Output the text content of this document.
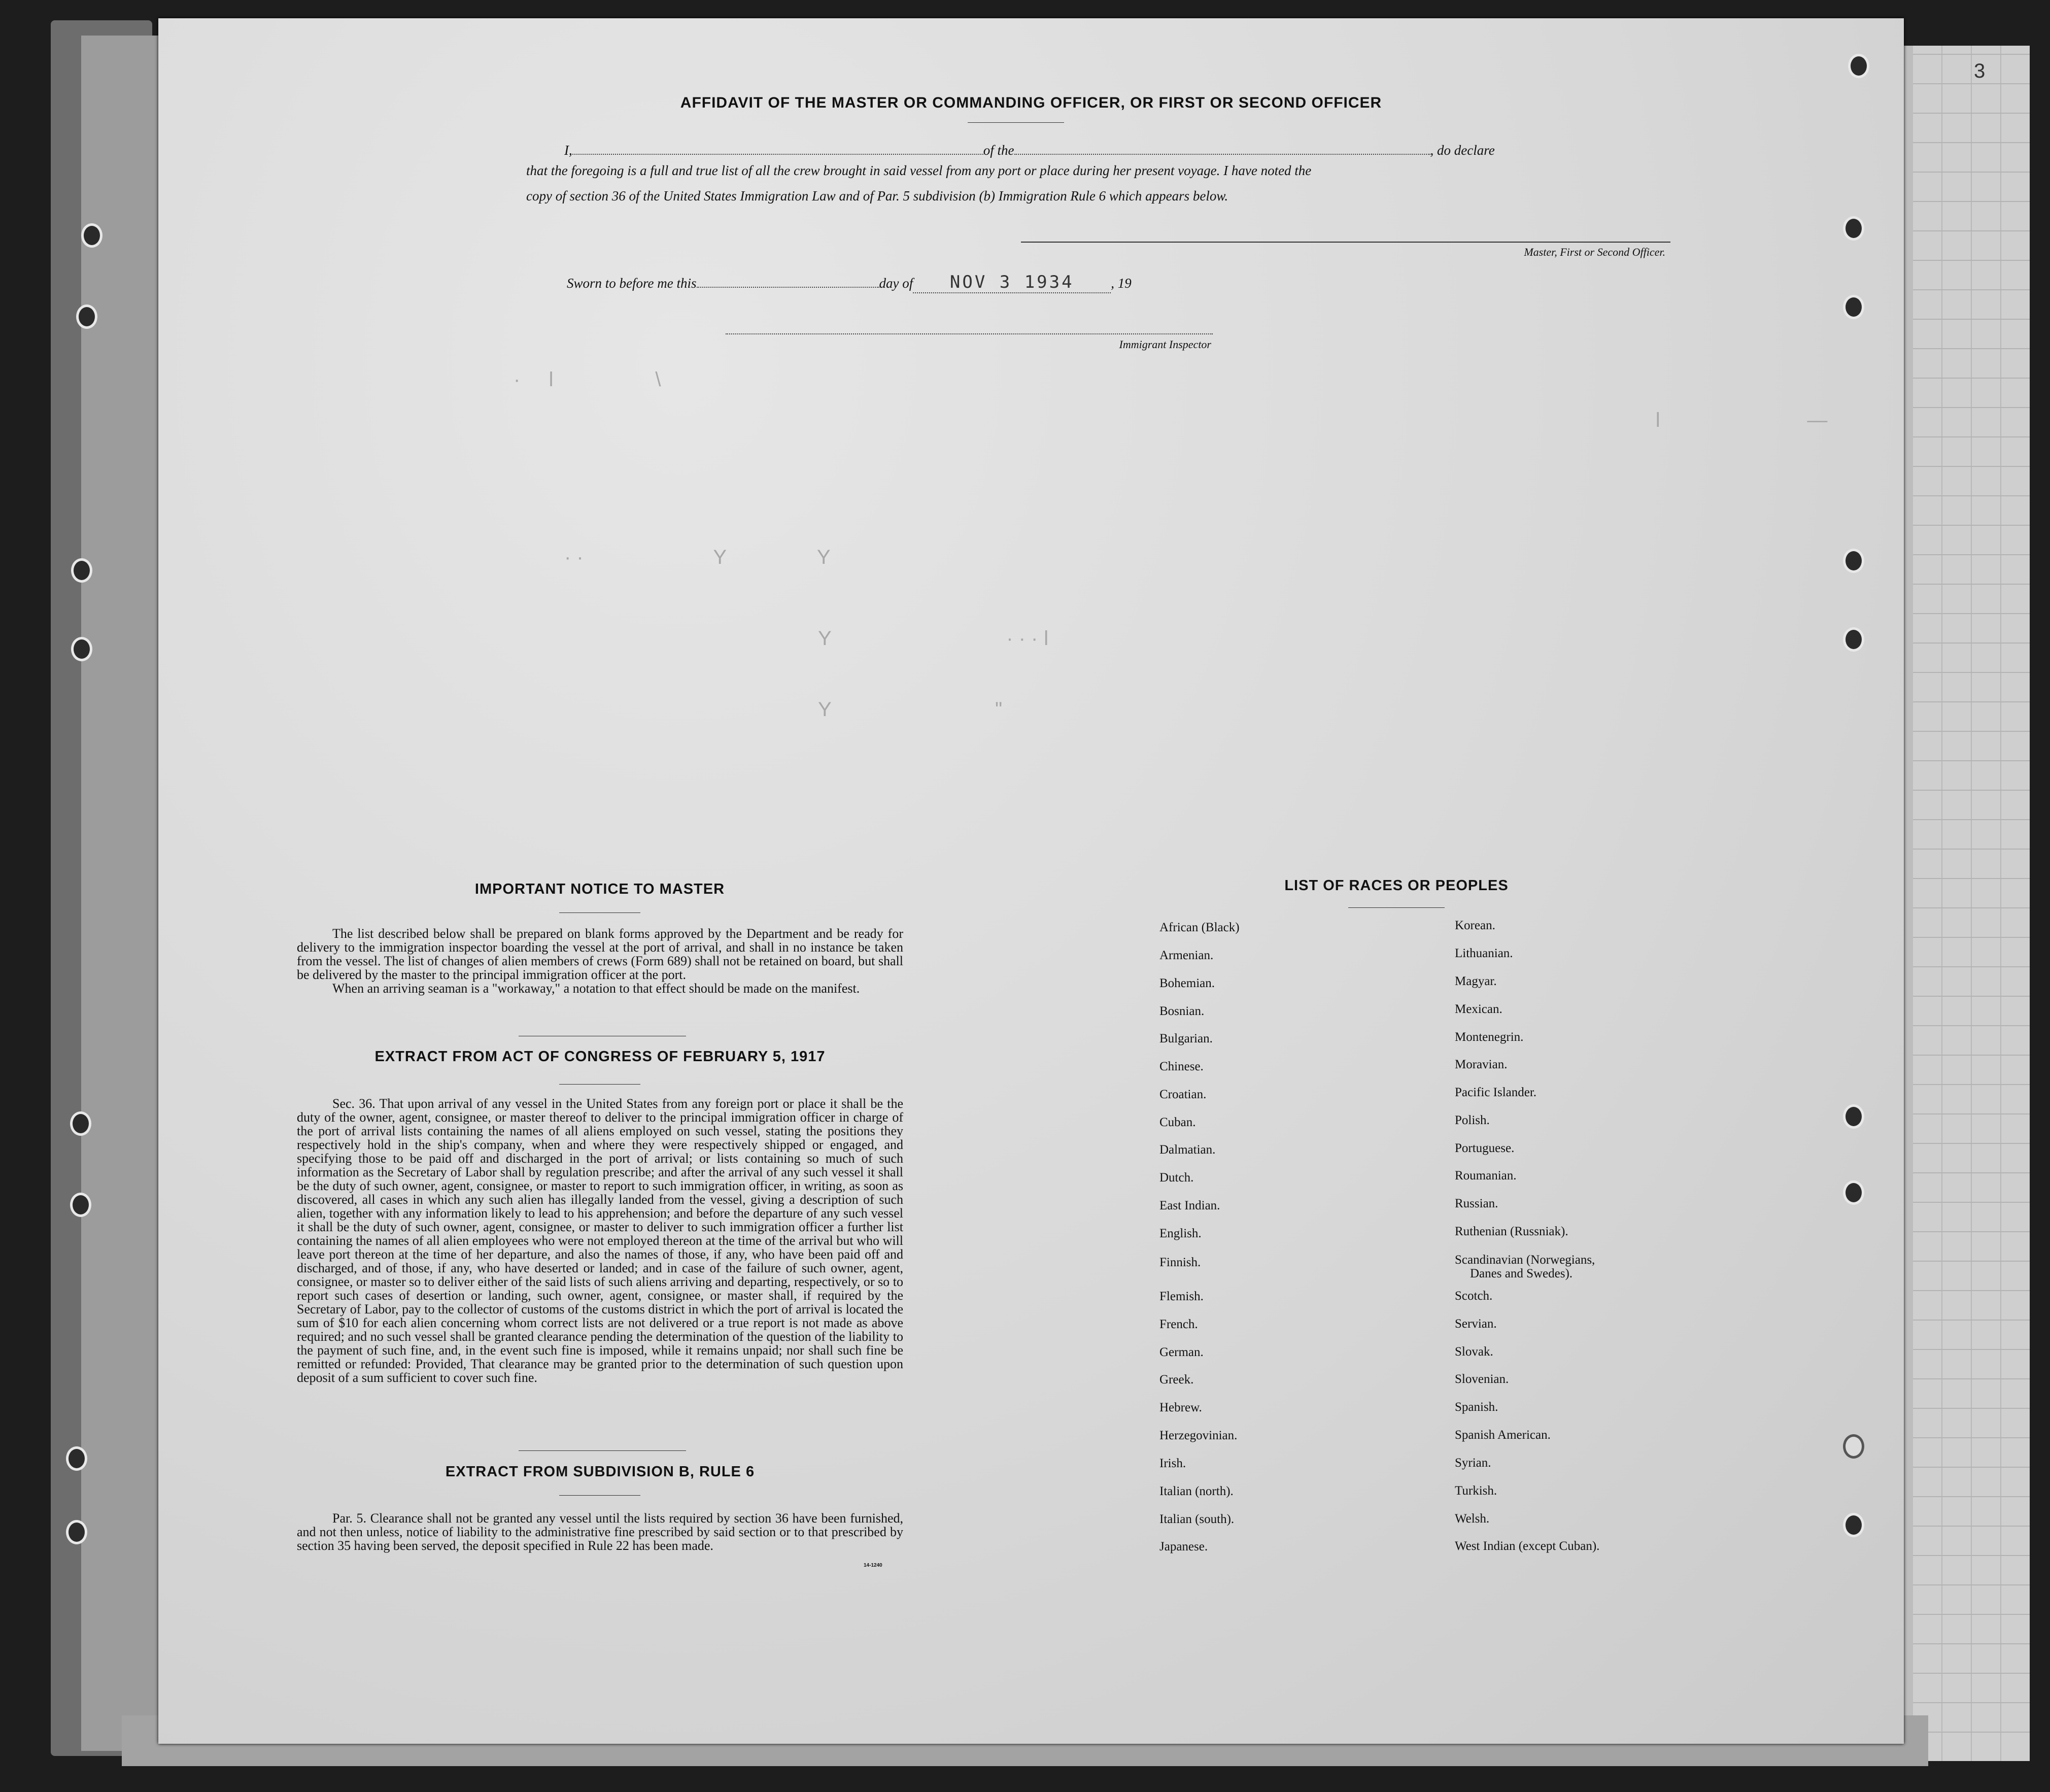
3
·     ǀ                  \
· ·                       Y                Y
Y                               · · · ǀ
Y                             "
ǀ                          —
AFFIDAVIT OF THE MASTER OR COMMANDING OFFICER, OR FIRST OR SECOND OFFICER
I,	of the	, do declare
that the foregoing is a full and true list of all the crew brought in said vessel from any port or place during her present voyage. I have noted the
copy of section 36 of the United States Immigration Law and of Par. 5 subdivision (b) Immigration Rule 6 which appears below.
Master, First or Second Officer.
Sworn to before me this	day of NOV 3 1934	, 19
Immigrant Inspector
IMPORTANT NOTICE TO MASTER

The list described below shall be prepared on blank forms approved by the Department and be ready for delivery to the immigration inspector boarding the vessel at the port of arrival, and shall in no instance be taken from the vessel. The list of changes of alien members of crews (Form 689) shall not be retained on board, but shall be delivered by the master to the principal immigration officer at the port.

When an arriving seaman is a "workaway," a notation to that effect should be made on the manifest.

EXTRACT FROM ACT OF CONGRESS OF FEBRUARY 5, 1917
Sec. 36. That upon arrival of any vessel in the United States from any foreign port or place it shall be the duty of the owner, agent, consignee, or master thereof to deliver to the principal immigration officer in charge of the port of arrival lists containing the names of all aliens employed on such vessel, stating the positions they respectively hold in the ship's company, when and where they were respectively shipped or engaged, and specifying those to be paid off and discharged in the port of arrival; or lists containing so much of such information as the Secretary of Labor shall by regulation prescribe; and after the arrival of any such vessel it shall be the duty of such owner, agent, consignee, or master to report to such immigration officer, in writing, as soon as discovered, all cases in which any such alien has illegally landed from the vessel, giving a description of such alien, together with any information likely to lead to his apprehension; and before the departure of any such vessel it shall be the duty of such owner, agent, consignee, or master to deliver to such immigration officer a further list containing the names of all alien employees who were not employed thereon at the time of the arrival but who will leave port thereon at the time of her departure, and also the names of those, if any, who have been paid off and discharged, and of those, if any, who have deserted or landed; and in case of the failure of such owner, agent, consignee, or master so to deliver either of the said lists of such aliens arriving and departing, respectively, or so to report such cases of desertion or landing, such owner, agent, consignee, or master shall, if required by the Secretary of Labor, pay to the collector of customs of the customs district in which the port of arrival is located the sum of $10 for each alien concerning whom correct lists are not delivered or a true report is not made as above required; and no such vessel shall be granted clearance pending the determination of the question of the liability to the payment of such fine, and, in the event such fine is imposed, while it remains unpaid; nor shall such fine be remitted or refunded: Provided, That clearance may be granted prior to the determination of such question upon deposit of a sum sufficient to cover such fine.
EXTRACT FROM SUBDIVISION B, RULE 6
Par. 5. Clearance shall not be granted any vessel until the lists required by section 36 have been furnished, and not then unless, notice of liability to the administrative fine prescribed by said section or to that prescribed by section 35 having been served, the deposit specified in Rule 22 has been made.
14-1240
LIST OF RACES OR PEOPLES
African (Black)
Armenian.
Bohemian.
Bosnian.
Bulgarian.
Chinese.
Croatian.
Cuban.
Dalmatian.
Dutch.
East Indian.
English.
Finnish.
Flemish.
French.
German.
Greek.
Hebrew.
Herzegovinian.
Irish.
Italian (north).
Italian (south).
Japanese.
Korean.
Lithuanian.
Magyar.
Mexican.
Montenegrin.
Moravian.
Pacific Islander.
Polish.
Portuguese.
Roumanian.
Russian.
Ruthenian (Russniak).
Scandinavian (Norwegians,
Danes and Swedes).
Scotch.
Servian.
Slovak.
Slovenian.
Spanish.
Spanish American.
Syrian.
Turkish.
Welsh.
West Indian (except Cuban).
